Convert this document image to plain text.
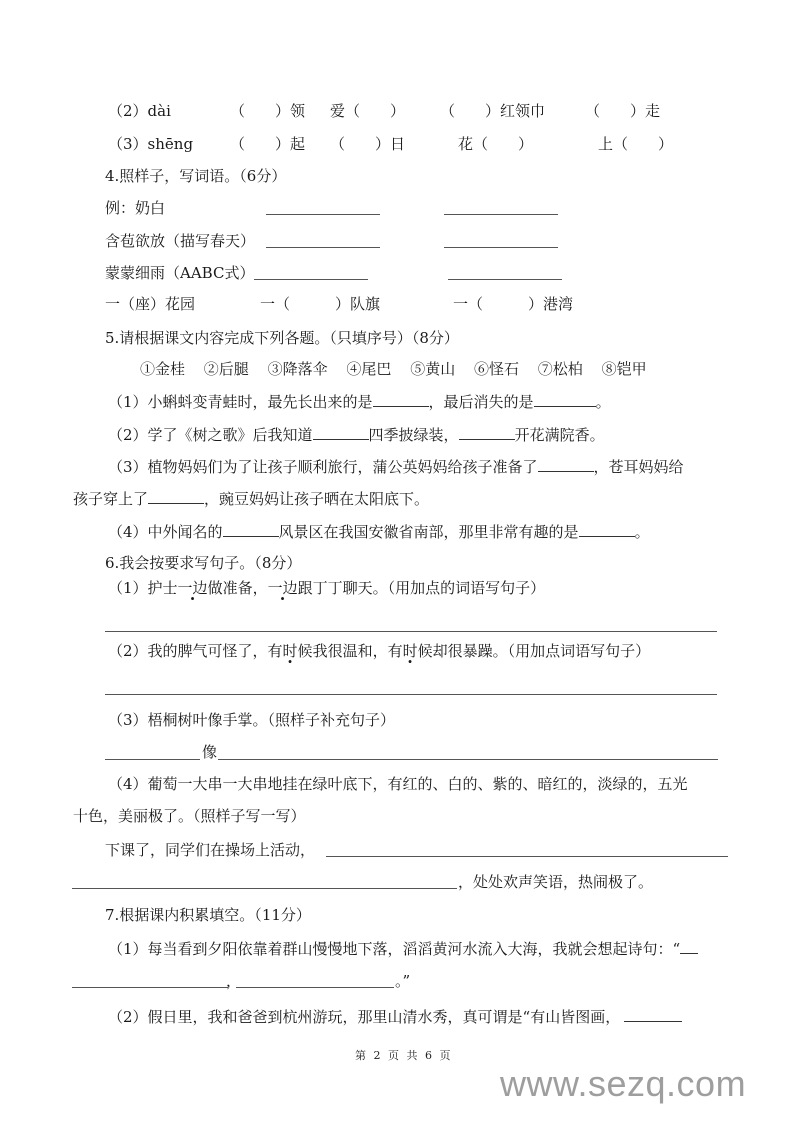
（2）dài	（　　）领 爱（　　） （　　）红领巾	（　　）走
（3）shēng （　　）起 （　　）日	花（　　）	上（　　）
4.照样子，写词语。（6分）
例：奶白
含苞欲放（描写春天）
蒙蒙细雨（AABC式）
一（座）花园	一（　　　）队旗	一（　　　）港湾
5.请根据课文内容完成下列各题。（只填序号）（8分）
①金桂 ②后腿 ③降落伞 ④尾巴 ⑤黄山 ⑥怪石 ⑦松柏 ⑧铠甲
（1）小蝌蚪变青蛙时，最先长出来的是	，最后消失的是	。
（2）学了《树之歌》后我知道	四季披绿装，	开花满院香。
（3）植物妈妈们为了让孩子顺利旅行，蒲公英妈妈给孩子准备了	，苍耳妈妈给
孩子穿上了	，豌豆妈妈让孩子晒在太阳底下。
（4）中外闻名的	风景区在我国安徽省南部，那里非常有趣的是	。
6.我会按要求写句子。（8分）
（1）护士一边做准备，一边跟丁丁聊天。（用加点的词语写句子）
（2）我的脾气可怪了，有时候我很温和，有时候却很暴躁。（用加点词语写句子）
（3）梧桐树叶像手掌。（照样子补充句子）
像
（4）葡萄一大串一大串地挂在绿叶底下，有红的、白的、紫的、暗红的，淡绿的，五光
十色，美丽极了。（照样子写一写）
下课了，同学们在操场上活动，
，处处欢声笑语，热闹极了。
7.根据课内积累填空。（11分）
（1）每当看到夕阳依靠着群山慢慢地下落，滔滔黄河水流入大海，我就会想起诗句：“
，	。”
（2）假日里，我和爸爸到杭州游玩，那里山清水秀，真可谓是“有山皆图画，
第 2 页 共 6 页
www.sezq.com
